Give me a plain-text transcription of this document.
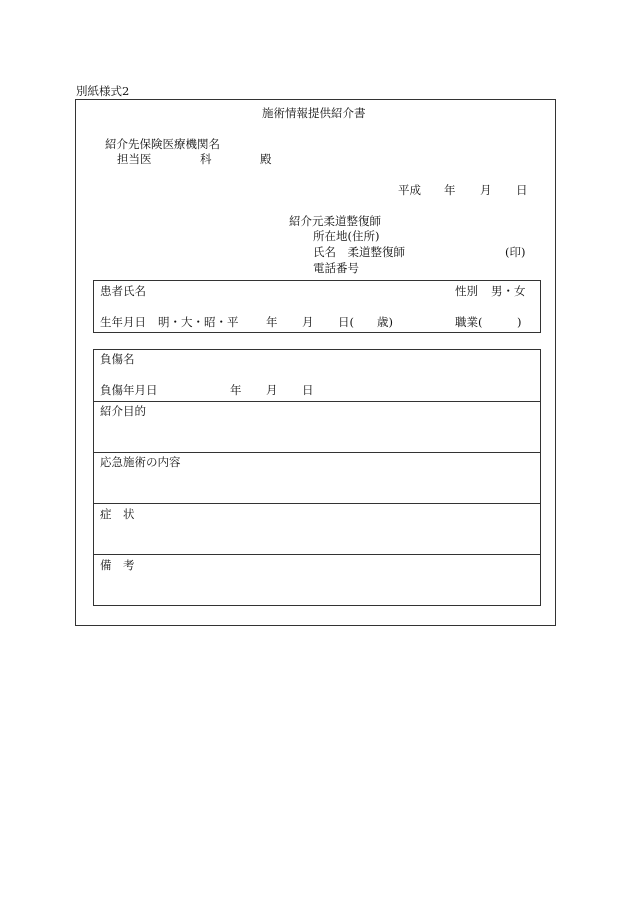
別紙様式2
施術情報提供紹介書
紹介先保険医療機関名
担当医	科	殿
平成 年 月 日
紹介元柔道整復師
所在地(住所)
氏名　柔道整復師	(印)
電話番号
患者氏名	性別 男・女
生年月日 明・大・昭・平 年 月 日(　　歳)	職業(　　　)
負傷名
負傷年月日	年 月 日
紹介目的
応急施術の内容
症　状
備　考
